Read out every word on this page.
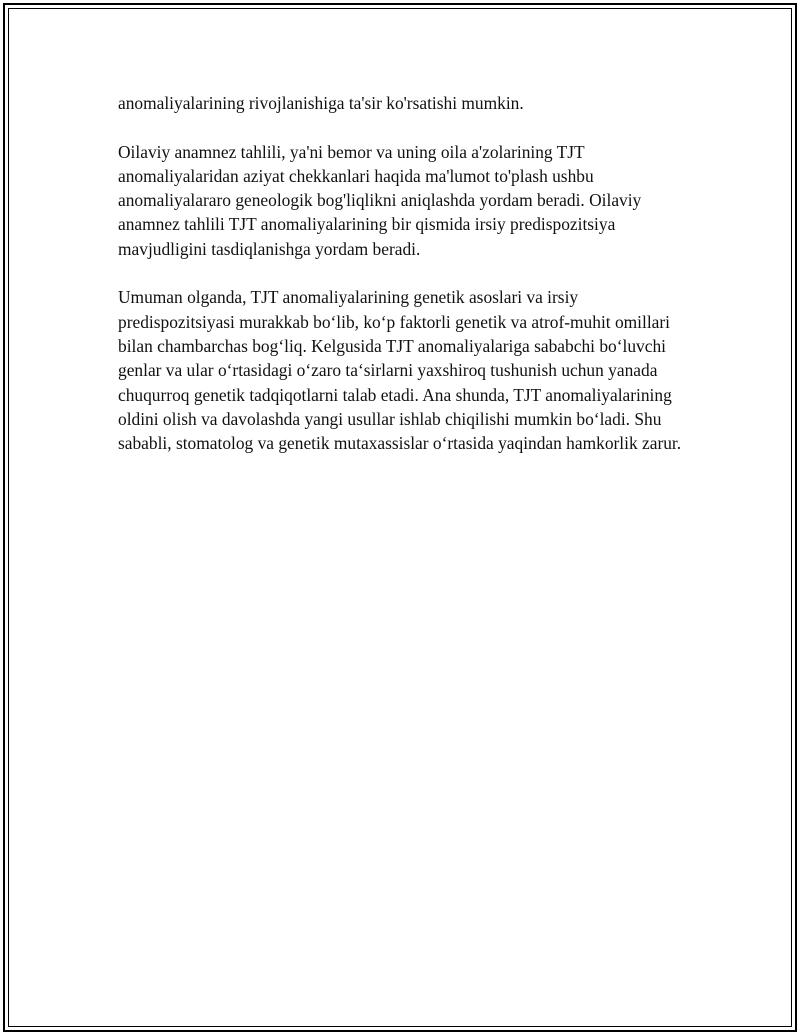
anomaliyalarining rivojlanishiga ta'sir ko'rsatishi mumkin.

Oilaviy anamnez tahlili, ya'ni bemor va uning oila a'zolarining TJT anomaliyalaridan aziyat chekkanlari haqida ma'lumot to'plash ushbu anomaliyalararo geneologik bog'liqlikni aniqlashda yordam beradi. Oilaviy anamnez tahlili TJT anomaliyalarining bir qismida irsiy predispozitsiya mavjudligini tasdiqlanishga yordam beradi.

Umuman olganda, TJT anomaliyalarining genetik asoslari va irsiy predispozitsiyasi murakkab bo‘lib, ko‘p faktorli genetik va atrof-muhit omillari bilan chambarchas bog‘liq. Kelgusida TJT anomaliyalariga sababchi bo‘luvchi genlar va ular o‘rtasidagi o‘zaro ta‘sirlarni yaxshiroq tushunish uchun yanada chuqurroq genetik tadqiqotlarni talab etadi. Ana shunda, TJT anomaliyalarining oldini olish va davolashda yangi usullar ishlab chiqilishi mumkin bo‘ladi. Shu sababli, stomatolog va genetik mutaxassislar o‘rtasida yaqindan hamkorlik zarur.
